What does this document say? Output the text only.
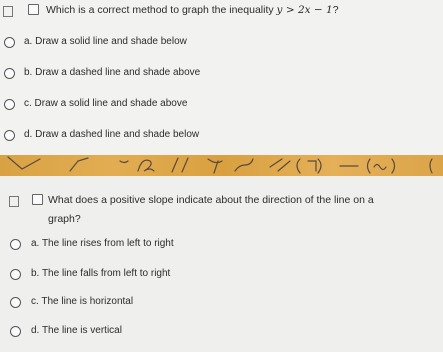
Which is a correct method to graph the inequality y > 2x − 1?
a. Draw a solid line and shade below
b. Draw a dashed line and shade above
c. Draw a solid line and shade above
d. Draw a dashed line and shade below
What does a positive slope indicate about the direction of the line on a
graph?
a. The line rises from left to right
b. The line falls from left to right
c. The line is horizontal
d. The line is vertical
